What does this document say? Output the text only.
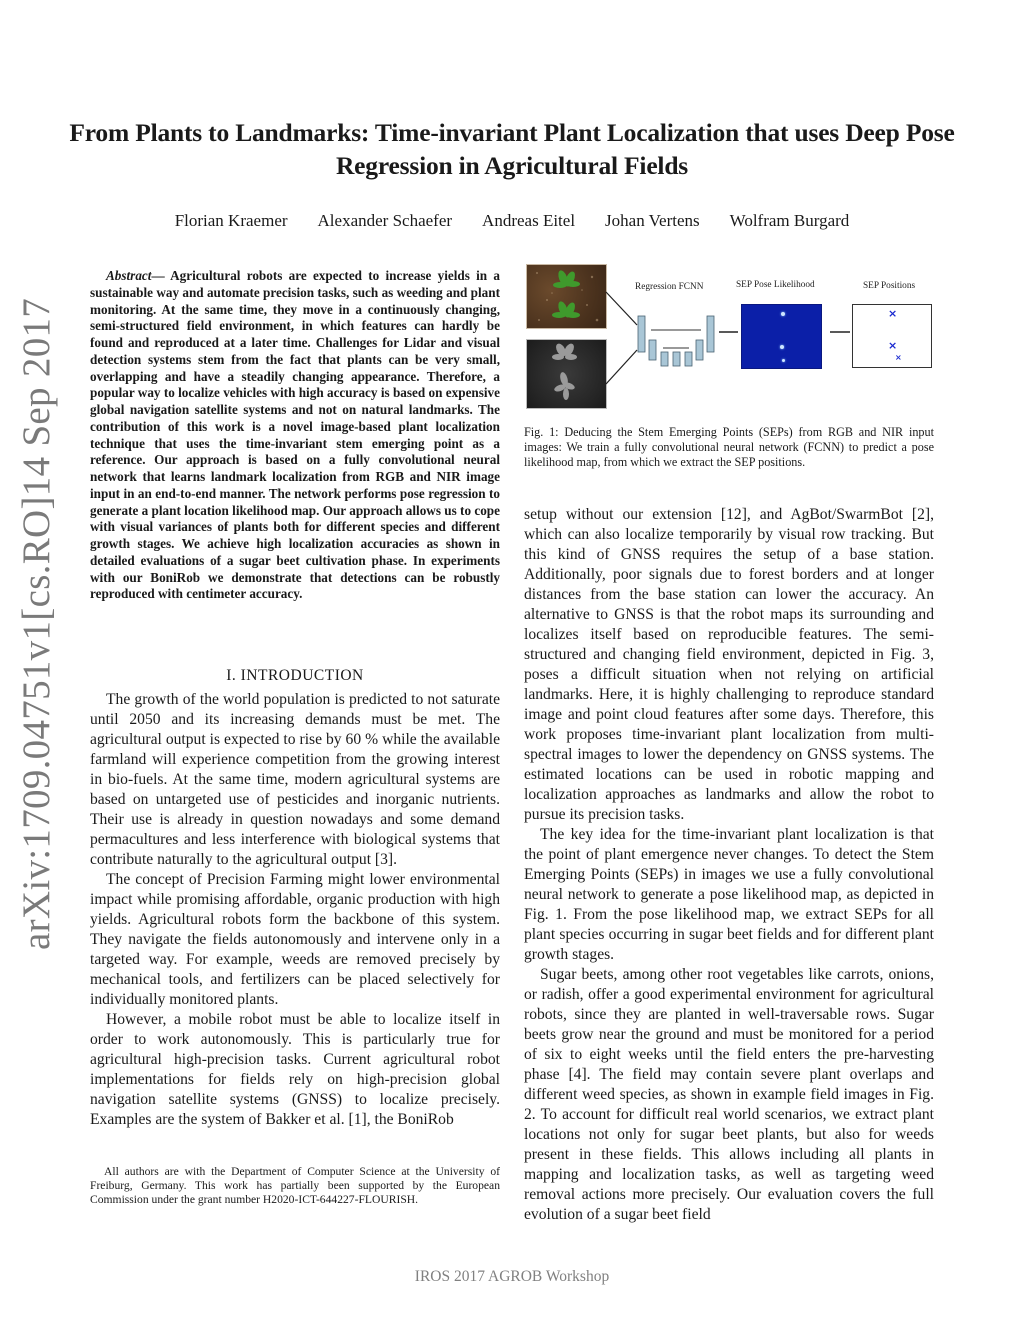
arXiv:1709.04751v1
[cs.RO]
14 Sep 2017
From Plants to Landmarks: Time-invariant Plant Localization that uses Deep Pose Regression in Agricultural Fields
Florian Kraemer Alexander Schaefer Andreas Eitel Johan Vertens Wolfram Burgard

Abstract— Agricultural robots are expected to increase yields in a sustainable way and automate precision tasks, such as weeding and plant monitoring. At the same time, they move in a continuously changing, semi-structured field environment, in which features can hardly be found and reproduced at a later time. Challenges for Lidar and visual detection systems stem from the fact that plants can be very small, overlapping and have a steadily changing appearance. Therefore, a popular way to localize vehicles with high accuracy is based on expensive global navigation satellite systems and not on natural landmarks. The contribution of this work is a novel image-based plant localization technique that uses the time-invariant stem emerging point as a reference. Our approach is based on a fully convolutional neural network that learns landmark localization from RGB and NIR image input in an end-to-end manner. The network performs pose regression to generate a plant location likelihood map. Our approach allows us to cope with visual variances of plants both for different species and different growth stages. We achieve high localization accuracies as shown in detailed evaluations of a sugar beet cultivation phase. In experiments with our BoniRob we demonstrate that detections can be robustly reproduced with centimeter accuracy.

I. INTRODUCTION

The growth of the world population is predicted to not saturate until 2050 and its increasing demands must be met. The agricultural output is expected to rise by 60 % while the available farmland will experience competition from the growing interest in bio-fuels. At the same time, modern agricultural systems are based on untargeted use of pesticides and inorganic nutrients. Their use is already in question nowadays and some demand permacultures and less interference with biological systems that contribute naturally to the agricultural output [3].

The concept of Precision Farming might lower environmental impact while promising affordable, organic production with high yields. Agricultural robots form the backbone of this system. They navigate the fields autonomously and intervene only in a targeted way. For example, weeds are removed precisely by mechanical tools, and fertilizers can be placed selectively for individually monitored plants.

However, a mobile robot must be able to localize itself in order to work autonomously. This is particularly true for agricultural high-precision tasks. Current agricultural robot implementations for fields rely on high-precision global navigation satellite systems (GNSS) to localize precisely. Examples are the system of Bakker et al. [1], the BoniRob

All authors are with the Department of Computer Science at the University of Freiburg, Germany. This work has partially been supported by the European Commission under the grant number H2020-ICT-644227-FLOURISH.

Regression FCNN	SEP Pose Likelihood	SEP Positions
×
×
×

Fig. 1: Deducing the Stem Emerging Points (SEPs) from RGB and NIR input images: We train a fully convolutional neural network (FCNN) to predict a pose likelihood map, from which we extract the SEP positions.

setup without our extension [12], and AgBot/SwarmBot [2], which can also localize temporarily by visual row tracking. But this kind of GNSS requires the setup of a base station. Additionally, poor signals due to forest borders and at longer distances from the base station can lower the accuracy. An alternative to GNSS is that the robot maps its surrounding and localizes itself based on reproducible features. The semi-structured and changing field environment, depicted in Fig. 3, poses a difficult situation when not relying on artificial landmarks. Here, it is highly challenging to reproduce standard image and point cloud features after some days. Therefore, this work proposes time-invariant plant localization from multi-spectral images to lower the dependency on GNSS systems. The estimated locations can be used in robotic mapping and localization approaches as landmarks and allow the robot to pursue its precision tasks.

The key idea for the time-invariant plant localization is that the point of plant emergence never changes. To detect the Stem Emerging Points (SEPs) in images we use a fully convolutional neural network to generate a pose likelihood map, as depicted in Fig. 1. From the pose likelihood map, we extract SEPs for all plant species occurring in sugar beet fields and for different plant growth stages.

Sugar beets, among other root vegetables like carrots, onions, or radish, offer a good experimental environment for agricultural robots, since they are planted in well-traversable rows. Sugar beets grow near the ground and must be monitored for a period of six to eight weeks until the field enters the pre-harvesting phase [4]. The field may contain severe plant overlaps and different weed species, as shown in example field images in Fig. 2. To account for difficult real world scenarios, we extract plant locations not only for sugar beet plants, but also for weeds present in these fields. This allows including all plants in mapping and localization tasks, as well as targeting weed removal actions more precisely. Our evaluation covers the full evolution of a sugar beet field

IROS 2017 AGROB Workshop
